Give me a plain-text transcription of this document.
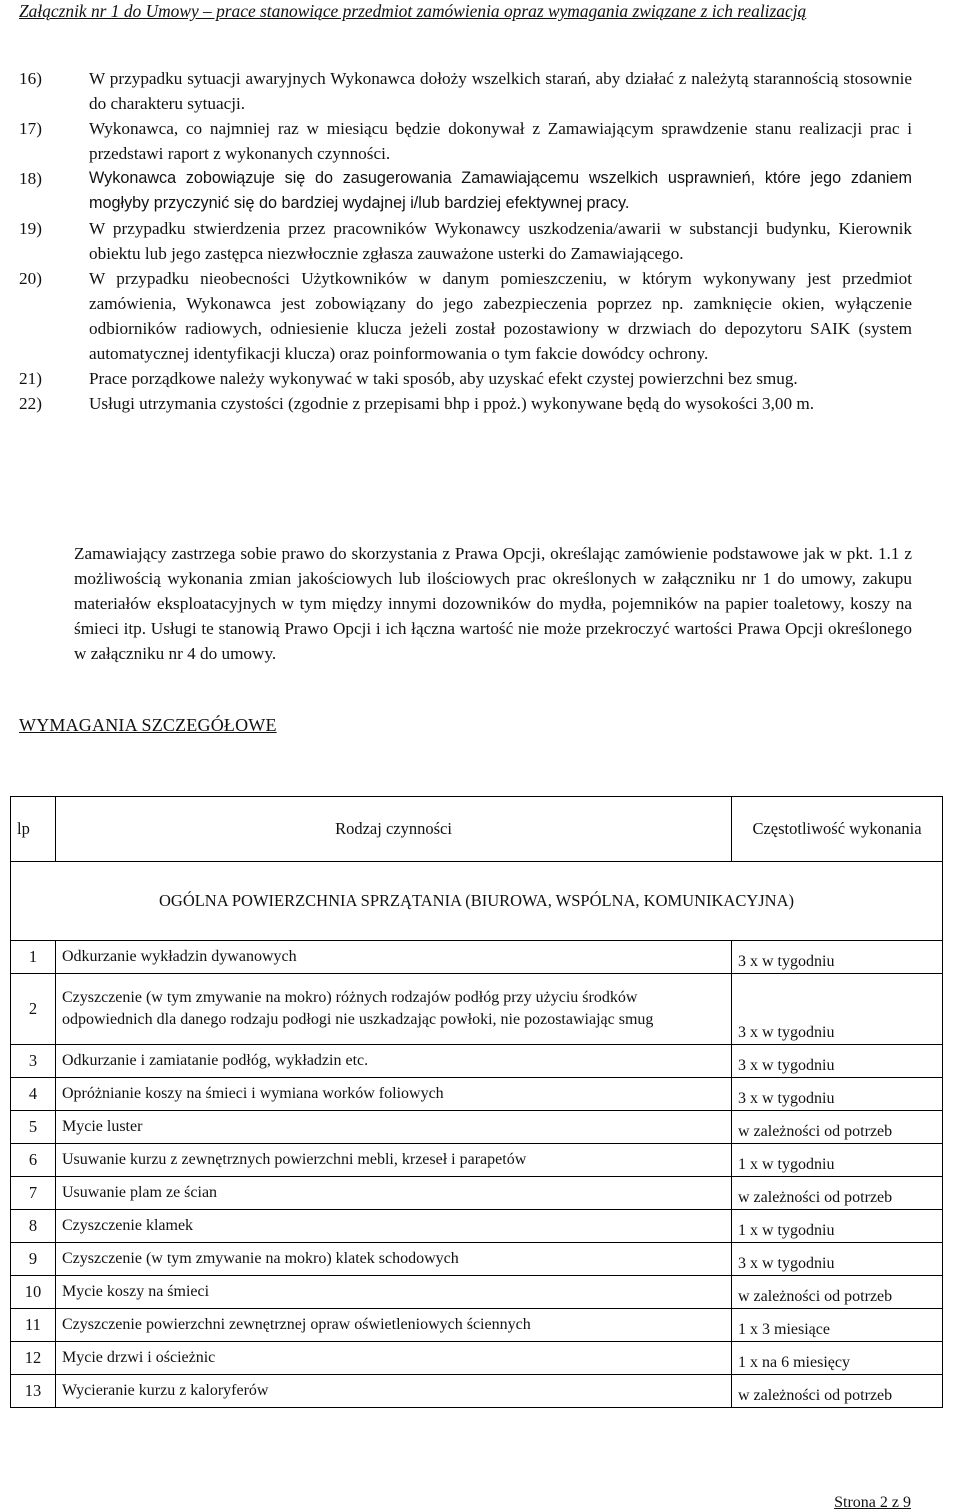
Załącznik nr 1 do Umowy – prace stanowiące przedmiot zamówienia opraz wymagania związane z ich realizacją
16)	W przypadku sytuacji awaryjnych Wykonawca dołoży wszelkich starań, aby działać z należytą starannością stosownie do charakteru sytuacji.
17)	Wykonawca, co najmniej raz w miesiącu będzie dokonywał z Zamawiającym sprawdzenie stanu realizacji prac i przedstawi raport z wykonanych czynności.
18)	Wykonawca zobowiązuje się do zasugerowania Zamawiającemu wszelkich usprawnień, które jego zdaniem mogłyby przyczynić się do bardziej wydajnej i/lub bardziej efektywnej pracy.
19)	W przypadku stwierdzenia przez pracowników Wykonawcy uszkodzenia/awarii w substancji budynku, Kierownik obiektu lub jego zastępca niezwłocznie zgłasza zauważone usterki do Zamawiającego.
20)	W przypadku nieobecności Użytkowników w danym pomieszczeniu, w którym wykonywany jest przedmiot zamówienia, Wykonawca jest zobowiązany do jego zabezpieczenia poprzez np. zamknięcie okien, wyłączenie odbiorników radiowych, odniesienie klucza jeżeli został pozostawiony w drzwiach do depozytoru SAIK (system automatycznej identyfikacji klucza) oraz poinformowania o tym fakcie dowódcy ochrony.
21)	Prace porządkowe należy wykonywać w taki sposób, aby uzyskać efekt czystej powierzchni bez smug.
22)	Usługi utrzymania czystości (zgodnie z przepisami bhp i ppoż.) wykonywane będą do wysokości 3,00 m.
Zamawiający zastrzega sobie prawo do skorzystania z Prawa Opcji, określając zamówienie podstawowe jak w pkt. 1.1 z możliwością wykonania zmian jakościowych lub ilościowych prac określonych w załączniku nr 1 do umowy, zakupu materiałów eksploatacyjnych w tym między innymi dozowników do mydła, pojemników na papier toaletowy, koszy na śmieci itp. Usługi te stanowią Prawo Opcji i ich łączna wartość nie może przekroczyć wartości Prawa Opcji określonego w załączniku nr 4 do umowy.
WYMAGANIA SZCZEGÓŁOWE
lp	Rodzaj czynności	Częstotliwość wykonania
OGÓLNA POWIERZCHNIA SPRZĄTANIA (BIUROWA, WSPÓLNA, KOMUNIKACYJNA)		
1	Odkurzanie wykładzin dywanowych	3 x w tygodniu
2	Czyszczenie (w tym zmywanie na mokro) różnych rodzajów podłóg przy użyciu środków odpowiednich dla danego rodzaju podłogi nie uszkadzając powłoki, nie pozostawiając smug	3 x w tygodniu
3	Odkurzanie i zamiatanie podłóg, wykładzin etc.	3 x w tygodniu
4	Opróżnianie koszy na śmieci i wymiana worków foliowych	3 x w tygodniu
5	Mycie luster	w zależności od potrzeb
6	Usuwanie kurzu z zewnętrznych powierzchni mebli, krzeseł i parapetów	1 x w tygodniu
7	Usuwanie plam ze ścian	w zależności od potrzeb
8	Czyszczenie klamek	1 x w tygodniu
9	Czyszczenie (w tym zmywanie na mokro) klatek schodowych	3 x w tygodniu
10	Mycie koszy na śmieci	w zależności od potrzeb
11	Czyszczenie powierzchni zewnętrznej opraw oświetleniowych ściennych	1 x 3 miesiące
12	Mycie drzwi i ościeżnic	1 x na 6 miesięcy
13	Wycieranie kurzu z kaloryferów	w zależności od potrzeb
Strona 2 z 9
